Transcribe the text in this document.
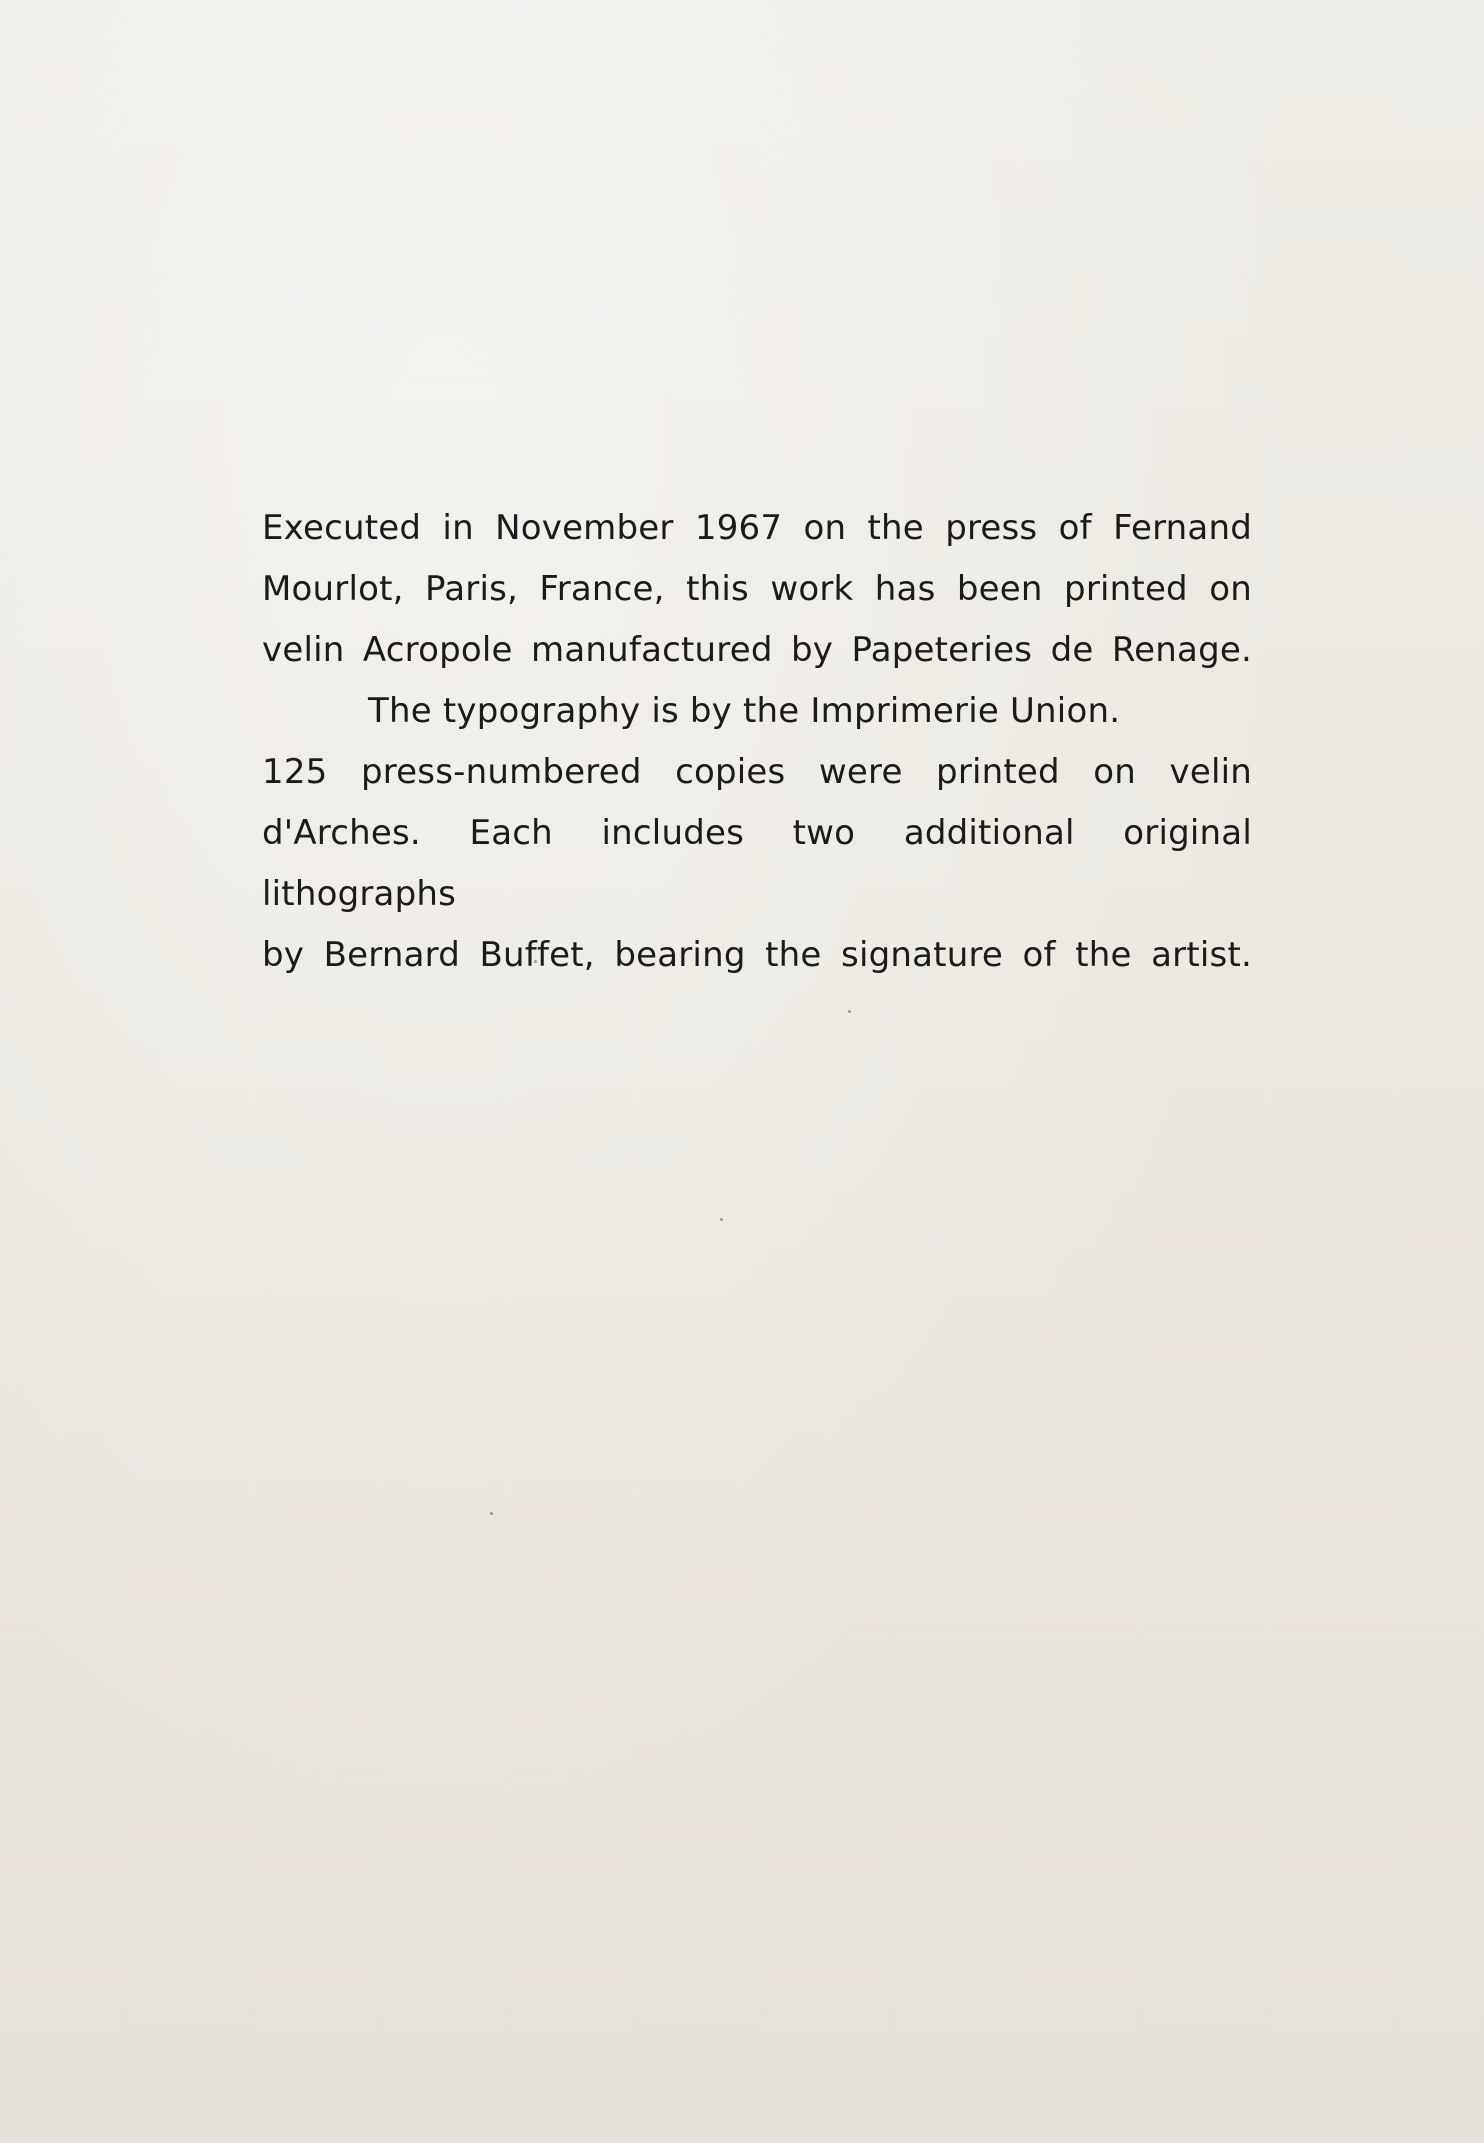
Executed in November 1967 on the press of Fernand
Mourlot, Paris, France, this work has been printed on
velin Acropole manufactured by Papeteries de Renage.
The typography is by the Imprimerie Union.
125 press-numbered copies were printed on velin
d'Arches. Each includes two additional original lithographs
by Bernard Buffet, bearing the signature of the artist.
